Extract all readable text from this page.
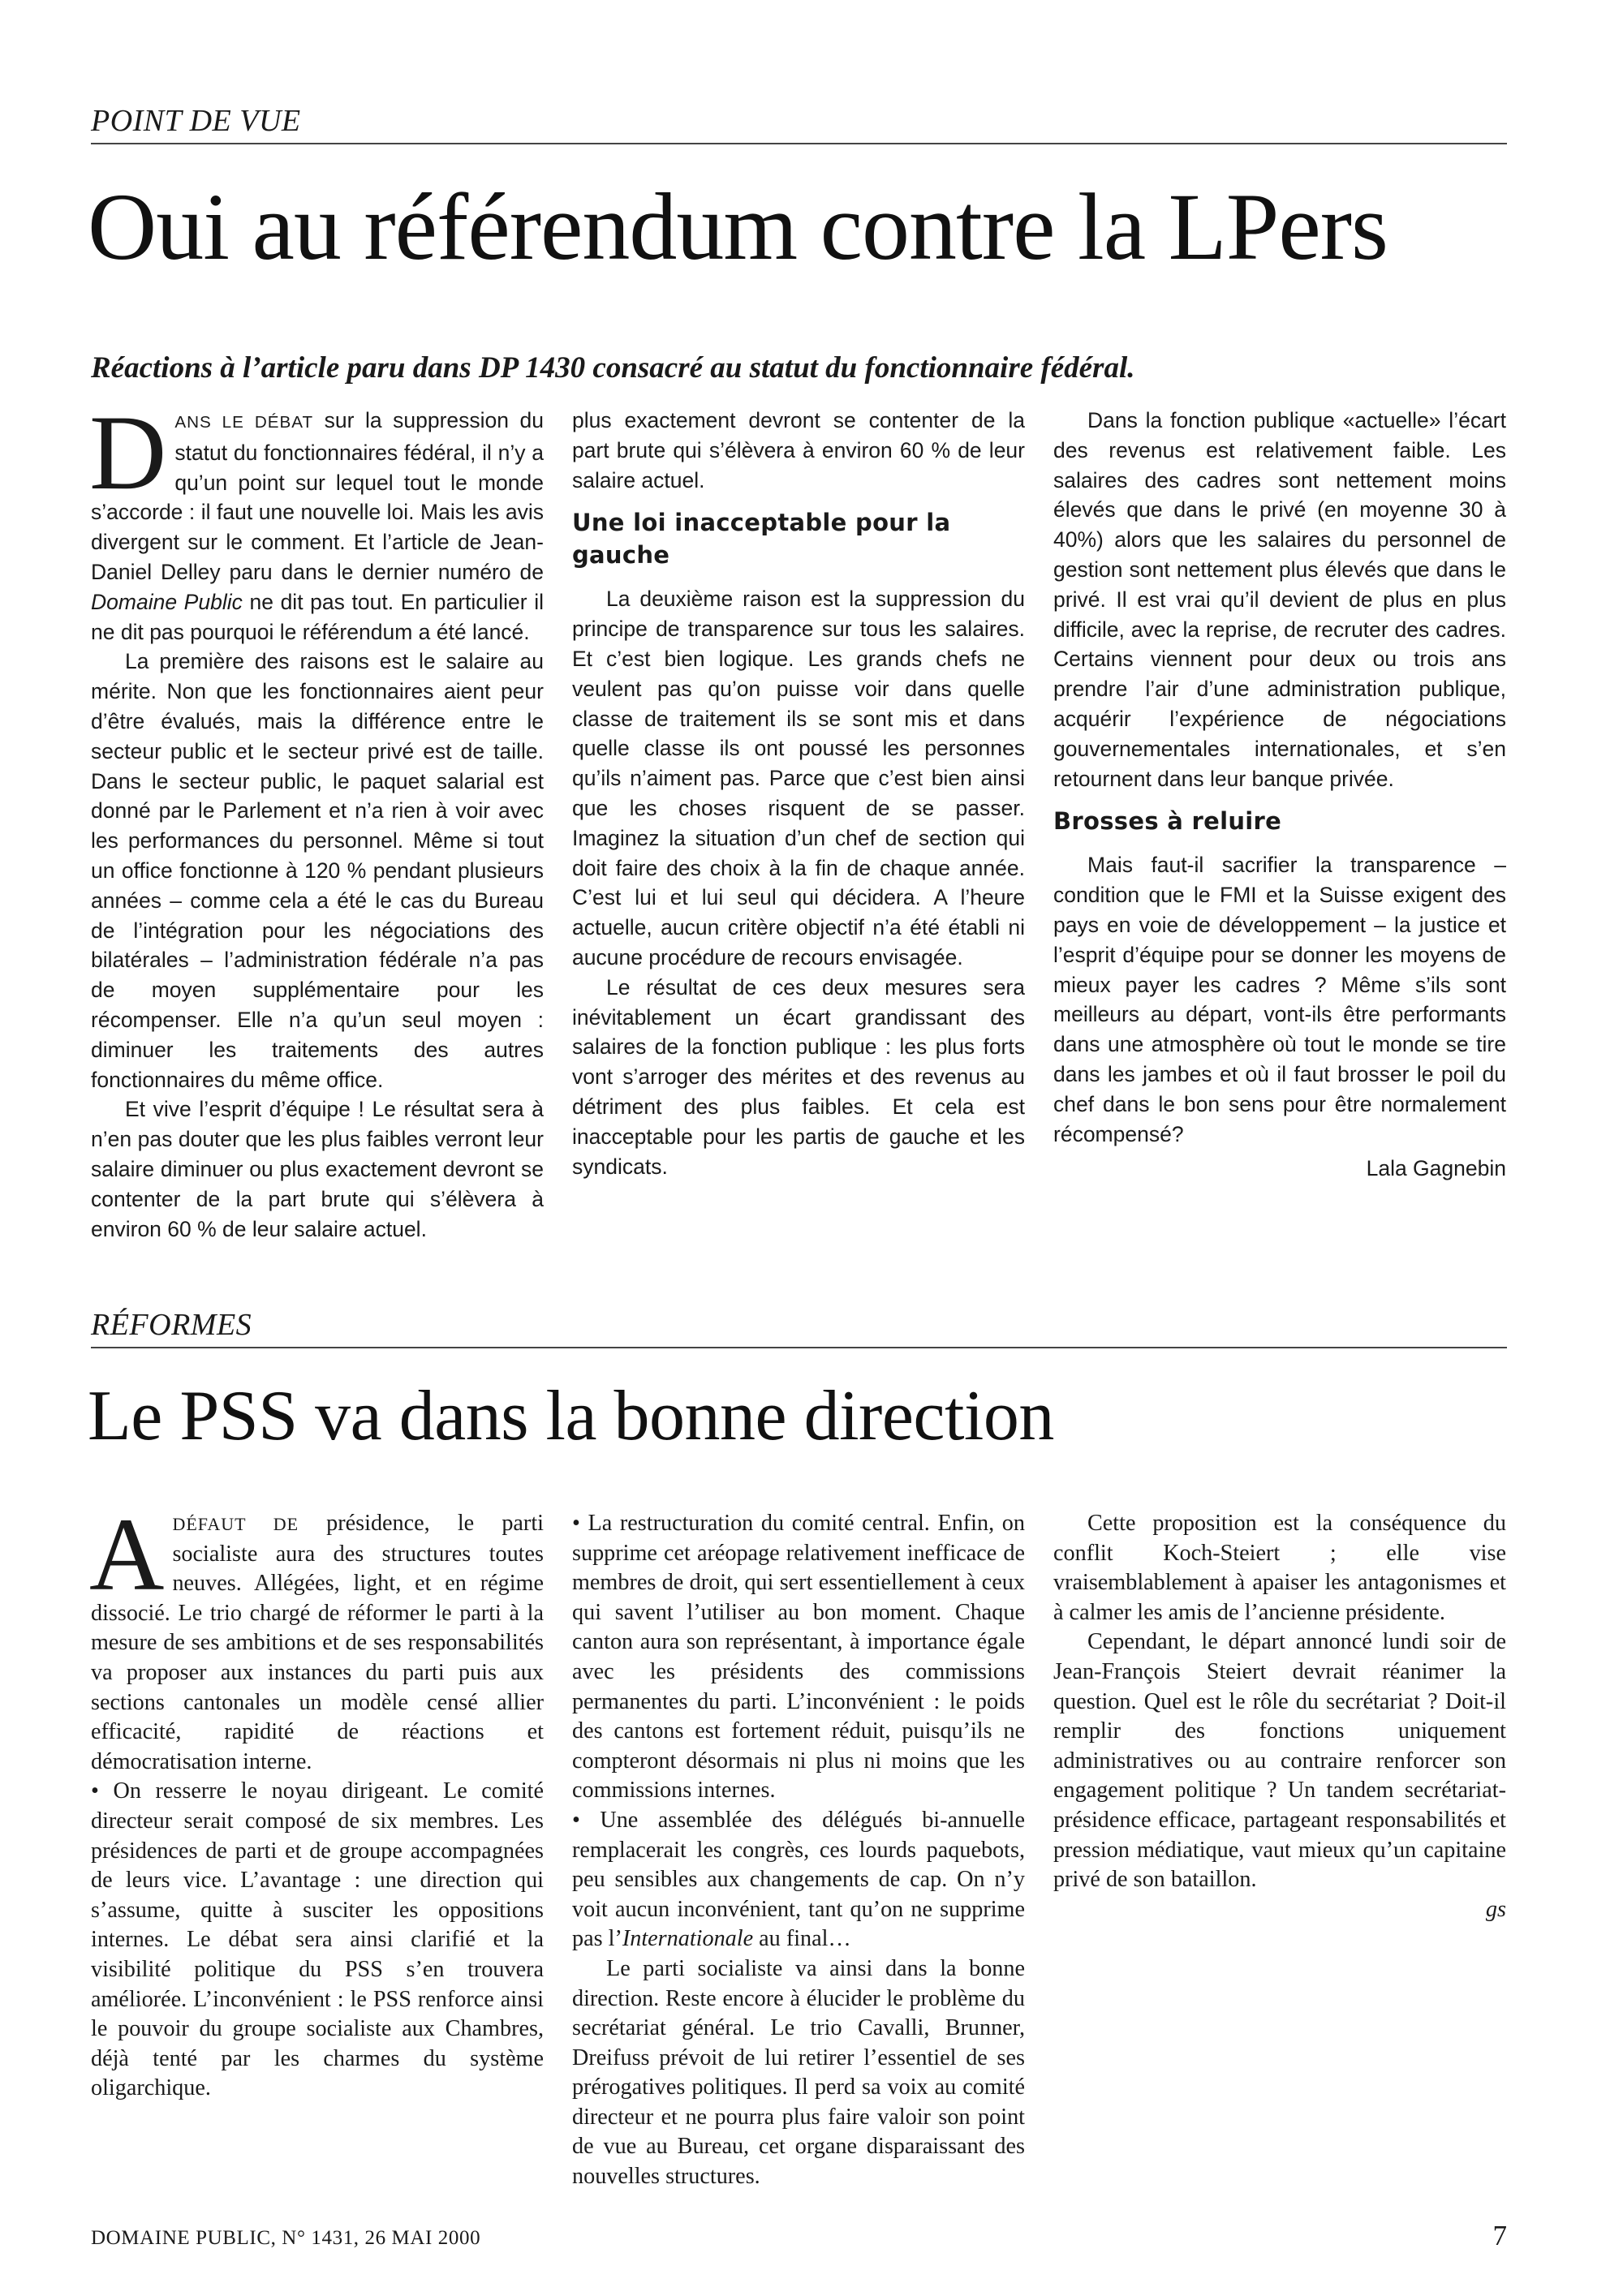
POINT DE VUE
Oui au référendum contre la LPers
Réactions à l’article paru dans DP 1430 consacré au statut du fonctionnaire fédéral.

DANS LE DÉBAT sur la suppression du statut du fonctionnaires fédéral, il n’y a qu’un point sur lequel tout le monde s’accorde : il faut une nouvelle loi. Mais les avis divergent sur le comment. Et l’article de Jean-Daniel Delley paru dans le dernier numéro de Domaine Public ne dit pas tout. En particulier il ne dit pas pourquoi le référendum a été lancé.

La première des raisons est le salaire au mérite. Non que les fonctionnaires aient peur d’être évalués, mais la différence entre le secteur public et le secteur privé est de taille. Dans le secteur public, le paquet salarial est donné par le Parlement et n’a rien à voir avec les performances du personnel. Même si tout un office fonctionne à 120 % pendant plusieurs années – comme cela a été le cas du Bureau de l’intégration pour les négociations des bilatérales – l’administration fédérale n’a pas de moyen supplémentaire pour les récompenser. Elle n’a qu’un seul moyen : diminuer les traitements des autres fonctionnaires du même office.

Et vive l’esprit d’équipe ! Le résultat sera à n’en pas douter que les plus faibles verront leur salaire diminuer ou plus exactement devront se contenter de la part brute qui s’élèvera à environ 60 % de leur salaire actuel.

plus exactement devront se contenter de la part brute qui s’élèvera à environ 60 % de leur salaire actuel.

Une loi inacceptable pour la gauche

La deuxième raison est la suppression du principe de transparence sur tous les salaires. Et c’est bien logique. Les grands chefs ne veulent pas qu’on puisse voir dans quelle classe de traitement ils se sont mis et dans quelle classe ils ont poussé les personnes qu’ils n’aiment pas. Parce que c’est bien ainsi que les choses risquent de se passer. Imaginez la situation d’un chef de section qui doit faire des choix à la fin de chaque année. C’est lui et lui seul qui décidera. A l’heure actuelle, aucun critère objectif n’a été établi ni aucune procédure de recours envisagée.

Le résultat de ces deux mesures sera inévitablement un écart grandissant des salaires de la fonction publique : les plus forts vont s’arroger des mérites et des revenus au détriment des plus faibles. Et cela est inacceptable pour les partis de gauche et les syndicats.

Dans la fonction publique «actuelle» l’écart des revenus est relativement faible. Les salaires des cadres sont nettement moins élevés que dans le privé (en moyenne 30 à 40%) alors que les salaires du personnel de gestion sont nettement plus élevés que dans le privé. Il est vrai qu’il devient de plus en plus difficile, avec la reprise, de recruter des cadres. Certains viennent pour deux ou trois ans prendre l’air d’une administration publique, acquérir l’expérience de négociations gouvernementales internationales, et s’en retournent dans leur banque privée.

Brosses à reluire

Mais faut-il sacrifier la transparence – condition que le FMI et la Suisse exigent des pays en voie de développement – la justice et l’esprit d’équipe pour se donner les moyens de mieux payer les cadres ? Même s’ils sont meilleurs au départ, vont-ils être performants dans une atmosphère où tout le monde se tire dans les jambes et où il faut brosser le poil du chef dans le bon sens pour être normalement récompensé?

Lala Gagnebin

RÉFORMES
Le PSS va dans la bonne direction

ADÉFAUT DE présidence, le parti socialiste aura des structures toutes neuves. Allégées, light, et en régime dissocié. Le trio chargé de réformer le parti à la mesure de ses ambitions et de ses responsabilités va proposer aux instances du parti puis aux sections cantonales un modèle censé allier efficacité, rapidité de réactions et démocratisation interne.

• On resserre le noyau dirigeant. Le comité directeur serait composé de six membres. Les présidences de parti et de groupe accompagnées de leurs vice. L’avantage : une direction qui s’assume, quitte à susciter les oppositions internes. Le débat sera ainsi clarifié et la visibilité politique du PSS s’en trouvera améliorée. L’inconvénient : le PSS renforce ainsi le pouvoir du groupe socialiste aux Chambres, déjà tenté par les charmes du système oligarchique.

• La restructuration du comité central. Enfin, on supprime cet aréopage relativement inefficace de membres de droit, qui sert essentiellement à ceux qui savent l’utiliser au bon moment. Chaque canton aura son représentant, à importance égale avec les présidents des commissions permanentes du parti. L’inconvénient : le poids des cantons est fortement réduit, puisqu’ils ne compteront désormais ni plus ni moins que les commissions internes.

• Une assemblée des délégués bi-annuelle remplacerait les congrès, ces lourds paquebots, peu sensibles aux changements de cap. On n’y voit aucun inconvénient, tant qu’on ne supprime pas l’Internationale au final…

Le parti socialiste va ainsi dans la bonne direction. Reste encore à élucider le problème du secrétariat général. Le trio Cavalli, Brunner, Dreifuss prévoit de lui retirer l’essentiel de ses prérogatives politiques. Il perd sa voix au comité directeur et ne pourra plus faire valoir son point de vue au Bureau, cet organe disparaissant des nouvelles structures.

Cette proposition est la conséquence du conflit Koch-Steiert ; elle vise vraisemblablement à apaiser les antagonismes et à calmer les amis de l’ancienne présidente.

Cependant, le départ annoncé lundi soir de Jean-François Steiert devrait réanimer la question. Quel est le rôle du secrétariat ? Doit-il remplir des fonctions uniquement administratives ou au contraire renforcer son engagement politique ? Un tandem secrétariat-présidence efficace, partageant responsabilités et pression médiatique, vaut mieux qu’un capitaine privé de son bataillon.

gs

DOMAINE PUBLIC, N° 1431, 26 MAI 2000	7
